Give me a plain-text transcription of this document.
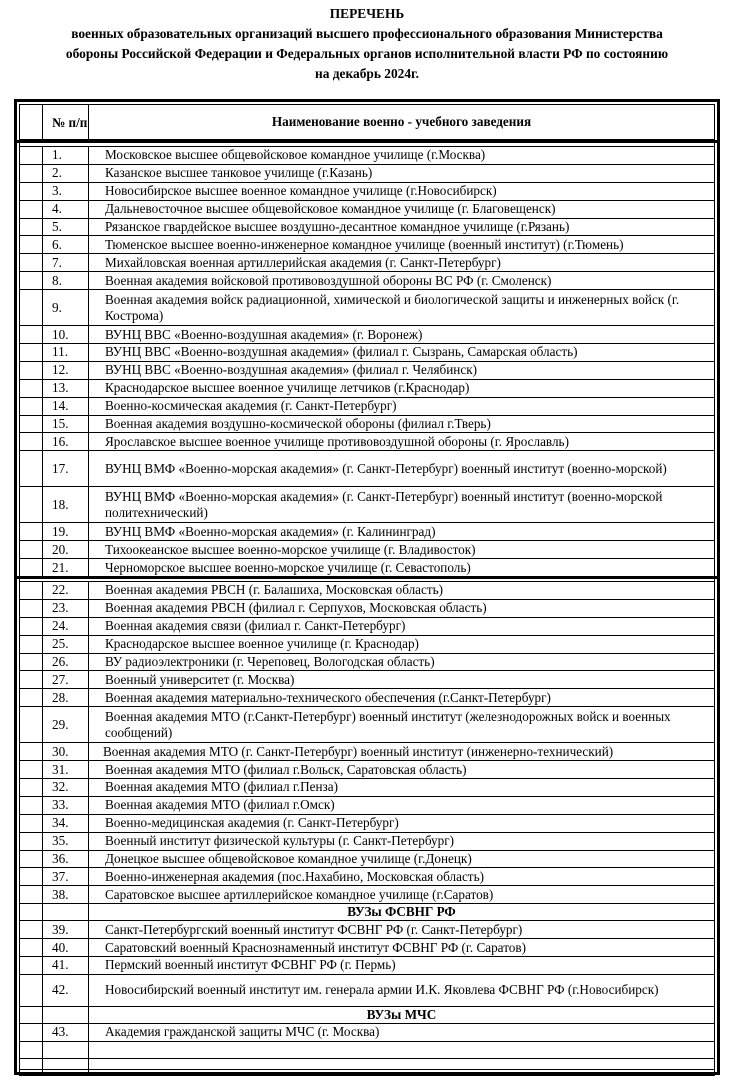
ПЕРЕЧЕНЬ
военных образовательных организаций высшего профессионального образования Министерства
обороны Российской Федерации и Федеральных органов исполнительной власти РФ по состоянию
на декабрь 2024г.
	№ п/п	Наименование военно - учебного заведения
	1.	Московское высшее общевойсковое командное училище (г.Москва)
	2.	Казанское высшее танковое училище (г.Казань)
	3.	Новосибирское высшее военное командное училище (г.Новосибирск)
	4.	Дальневосточное высшее общевойсковое командное училище (г. Благовещенск)
	5.	Рязанское гвардейское высшее воздушно-десантное командное училище (г.Рязань)
	6.	Тюменское высшее военно-инженерное командное училище (военный институт) (г.Тюмень)
	7.	Михайловская военная артиллерийская академия (г. Санкт-Петербург)
	8.	Военная академия войсковой противовоздушной обороны ВС РФ (г. Смоленск)
	9.	Военная академия войск радиационной, химической и биологической защиты и инженерных войск (г. Кострома)
	10.	ВУНЦ ВВС «Военно-воздушная академия» (г. Воронеж)
	11.	ВУНЦ ВВС «Военно-воздушная академия» (филиал г. Сызрань, Самарская область)
	12.	ВУНЦ ВВС «Военно-воздушная академия» (филиал г. Челябинск)
	13.	Краснодарское высшее военное училище летчиков (г.Краснодар)
	14.	Военно-космическая академия (г. Санкт-Петербург)
	15.	Военная академия воздушно-космической обороны (филиал г.Тверь)
	16.	Ярославское высшее военное училище противовоздушной обороны (г. Ярославль)
	17.	ВУНЦ ВМФ «Военно-морская академия» (г. Санкт-Петербург) военный институт (военно-морской)
	18.	ВУНЦ ВМФ «Военно-морская академия» (г. Санкт-Петербург) военный институт (военно-морской политехнический)
	19.	ВУНЦ ВМФ «Военно-морская академия» (г. Калининград)
	20.	Тихоокеанское высшее военно-морское училище (г. Владивосток)
	21.	Черноморское высшее военно-морское училище (г. Севастополь)
	22.	Военная академия РВСН (г. Балашиха, Московская область)
	23.	Военная академия РВСН (филиал г. Серпухов, Московская область)
	24.	Военная академия связи (филиал г. Санкт-Петербург)
	25.	Краснодарское высшее военное училище (г. Краснодар)
	26.	ВУ радиоэлектроники (г. Череповец, Вологодская область)
	27.	Военный университет (г. Москва)
	28.	Военная академия материально-технического обеспечения (г.Санкт-Петербург)
	29.	Военная академия МТО (г.Санкт-Петербург) военный институт (железнодорожных войск и военных сообщений)
	30.	Военная академия МТО (г. Санкт-Петербург) военный институт (инженерно-технический)
	31.	Военная академия МТО (филиал г.Вольск, Саратовская область)
	32.	Военная академия МТО (филиал г.Пенза)
	33.	Военная академия МТО (филиал г.Омск)
	34.	Военно-медицинская академия (г. Санкт-Петербург)
	35.	Военный институт физической культуры (г. Санкт-Петербург)
	36.	Донецкое высшее общевойсковое командное училище (г.Донецк)
	37.	Военно-инженерная академия (пос.Нахабино, Московская область)
	38.	Саратовское высшее артиллерийское командное училище (г.Саратов)
		ВУЗы ФСВНГ РФ
	39.	Санкт-Петербургский военный институт ФСВНГ РФ (г. Санкт-Петербург)
	40.	Саратовский военный Краснознаменный институт ФСВНГ РФ (г. Саратов)
	41.	Пермский военный институт ФСВНГ РФ (г. Пермь)
	42.	Новосибирский военный институт им. генерала армии И.К. Яковлева ФСВНГ РФ (г.Новосибирск)
		ВУЗы МЧС
	43.	Академия гражданской защиты МЧС (г. Москва)
